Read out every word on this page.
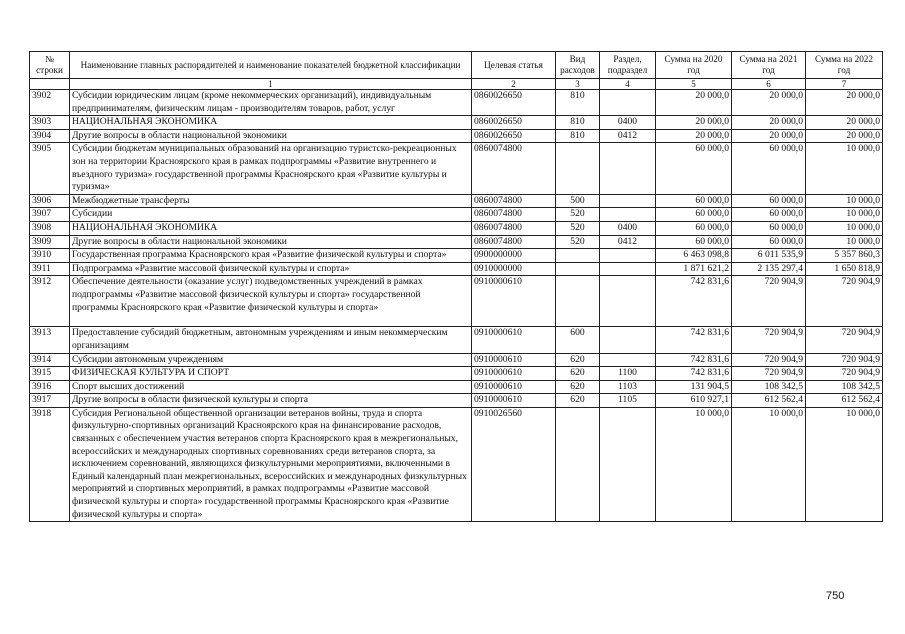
№ строки	Наименование главных распорядителей и наименование показателей бюджетной классификации	Целевая статья	Вид расходов	Раздел, подраздел	Сумма на 2020 год	Сумма на 2021 год	Сумма на 2022 год
	1	2	3	4	5	6	7
3902	Субсидии юридическим лицам (кроме некоммерческих организаций), индивидуальным предпринимателям, физическим лицам - производителям товаров, работ, услуг	0860026650	810		20 000,0	20 000,0	20 000,0
3903	НАЦИОНАЛЬНАЯ ЭКОНОМИКА	0860026650	810	0400	20 000,0	20 000,0	20 000,0
3904	Другие вопросы в области национальной экономики	0860026650	810	0412	20 000,0	20 000,0	20 000,0
3905	Субсидии бюджетам муниципальных образований на организацию туристско-рекреационных зон на территории Красноярского края в рамках подпрограммы «Развитие внутреннего и въездного туризма» государственной программы Красноярского края «Развитие культуры и туризма»	0860074800			60 000,0	60 000,0	10 000,0
3906	Межбюджетные трансферты	0860074800	500		60 000,0	60 000,0	10 000,0
3907	Субсидии	0860074800	520		60 000,0	60 000,0	10 000,0
3908	НАЦИОНАЛЬНАЯ ЭКОНОМИКА	0860074800	520	0400	60 000,0	60 000,0	10 000,0
3909	Другие вопросы в области национальной экономики	0860074800	520	0412	60 000,0	60 000,0	10 000,0
3910	Государственная программа Красноярского края «Развитие физической культуры и спорта»	0900000000			6 463 098,8	6 011 535,9	5 357 860,3
3911	Подпрограмма «Развитие массовой физической культуры и спорта»	0910000000			1 871 621,2	2 135 297,4	1 650 818,9
3912	Обеспечение деятельности (оказание услуг) подведомственных учреждений в рамках подпрограммы «Развитие массовой физической культуры и спорта» государственной программы Красноярского края «Развитие физической культуры и спорта»	0910000610			742 831,6	720 904,9	720 904,9
3913	Предоставление субсидий бюджетным, автономным учреждениям и иным некоммерческим организациям	0910000610	600		742 831,6	720 904,9	720 904,9
3914	Субсидии автономным учреждениям	0910000610	620		742 831,6	720 904,9	720 904,9
3915	ФИЗИЧЕСКАЯ КУЛЬТУРА И СПОРТ	0910000610	620	1100	742 831,6	720 904,9	720 904,9
3916	Спорт высших достижений	0910000610	620	1103	131 904,5	108 342,5	108 342,5
3917	Другие вопросы в области физической культуры и спорта	0910000610	620	1105	610 927,1	612 562,4	612 562,4
3918	Субсидия Региональной общественной организации ветеранов войны, труда и спорта физкультурно-спортивных организаций Красноярского края на финансирование расходов, связанных с обеспечением участия ветеранов спорта Красноярского края в межрегиональных, всероссийских и международных спортивных соревнованиях среди ветеранов спорта, за исключением соревнований, являющихся физкультурными мероприятиями, включенными в Единый календарный план межрегиональных, всероссийских и международных физкультурных мероприятий и спортивных мероприятий, в рамках подпрограммы «Развитие массовой физической культуры и спорта» государственной программы Красноярского края «Развитие физической культуры и спорта»	0910026560			10 000,0	10 000,0	10 000,0
750
